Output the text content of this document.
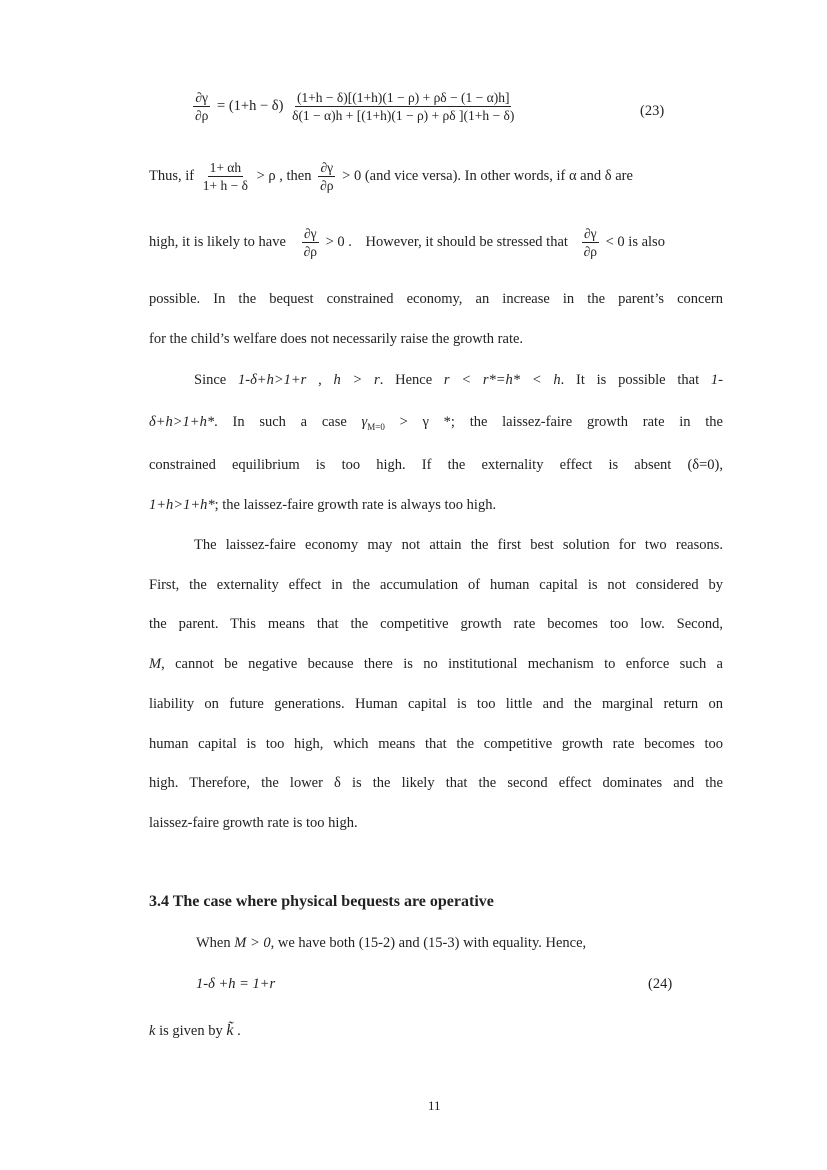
$\frac{\partial\gamma}{\partial\rho} = (1+h - \delta) \frac{(1+h - \delta)[(1+h)(1 - \rho) + \rho\delta - (1 - \alpha)h]}{\delta(1 - \alpha)h + [(1+h)(1 - \rho) + \rho\delta ](1+h - \delta)}$	(23)
Thus, if $\frac{1+ \alpha h}{1+ h - \delta} > \rho$ , then $\frac{\partial\gamma}{\partial\rho} > 0$ (and vice versa). In other words, if α and δ are
high, it is likely to have $\frac{\partial\gamma}{\partial\rho} > 0$ . However, it should be stressed that $\frac{\partial\gamma}{\partial\rho} < 0$ is also
possible. In the bequest constrained economy, an increase in the parent’s concern
for the child’s welfare does not necessarily raise the growth rate.
Since 1-δ+h>1+r , h > r. Hence r < r*=h* < h. It is possible that 1-
δ+h>1+h*. In such a case $\gamma_{M=0} > \gamma$ *; the laissez-faire growth rate in the
constrained equilibrium is too high. If the externality effect is absent (δ=0),
1+h>1+h*; the laissez-faire growth rate is always too high.
The laissez-faire economy may not attain the first best solution for two reasons.
First, the externality effect in the accumulation of human capital is not considered by
the parent. This means that the competitive growth rate becomes too low. Second,
M, cannot be negative because there is no institutional mechanism to enforce such a
liability on future generations. Human capital is too little and the marginal return on
human capital is too high, which means that the competitive growth rate becomes too
high. Therefore, the lower δ is the likely that the second effect dominates and the
laissez-faire growth rate is too high.
3.4 The case where physical bequests are operative
When M > 0, we have both (15-2) and (15-3) with equality. Hence,
1-δ +h = 1+r	(24)
k is given by k̃ .
11
